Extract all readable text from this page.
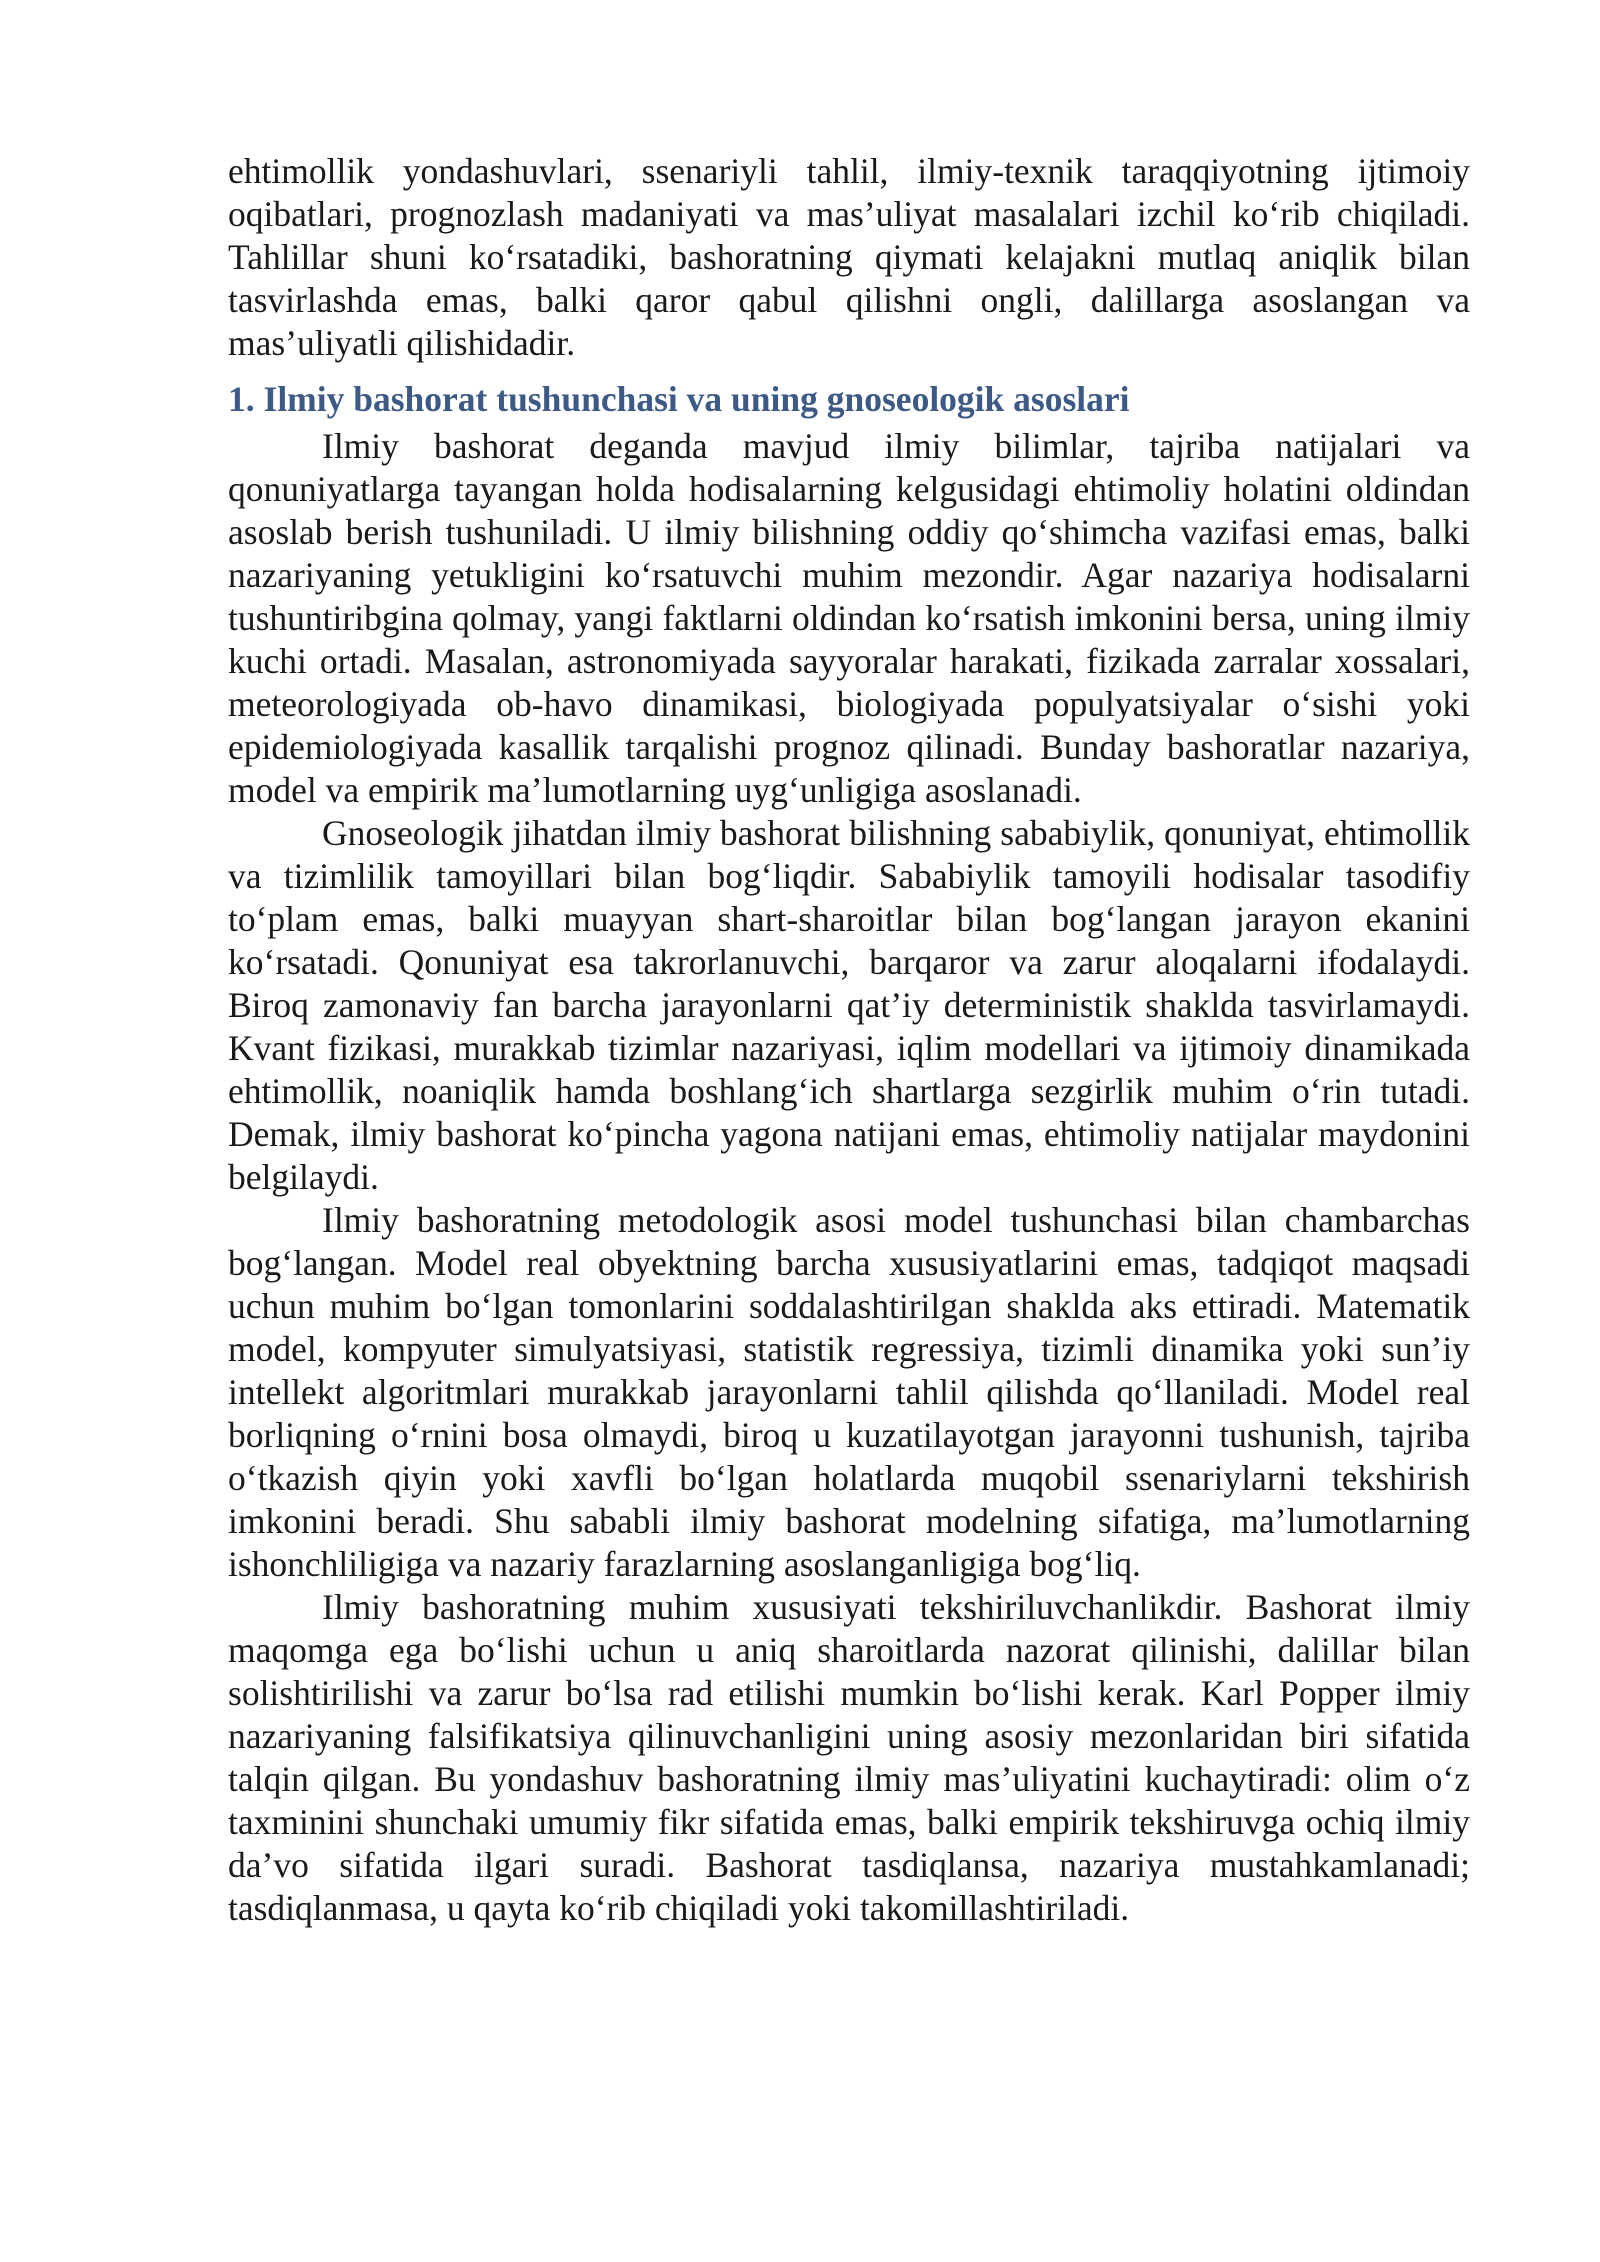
ehtimollik yondashuvlari, ssenariyli tahlil, ilmiy-texnik taraqqiyotning ijtimoiy oqibatlari, prognozlash madaniyati va mas’uliyat masalalari izchil ko‘rib chiqiladi. Tahlillar shuni ko‘rsatadiki, bashoratning qiymati kelajakni mutlaq aniqlik bilan tasvirlashda emas, balki qaror qabul qilishni ongli, dalillarga asoslangan va mas’uliyatli qilishidadir.

1. Ilmiy bashorat tushunchasi va uning gnoseologik asoslari

Ilmiy bashorat deganda mavjud ilmiy bilimlar, tajriba natijalari va qonuniyatlarga tayangan holda hodisalarning kelgusidagi ehtimoliy holatini oldindan asoslab berish tushuniladi. U ilmiy bilishning oddiy qo‘shimcha vazifasi emas, balki nazariyaning yetukligini ko‘rsatuvchi muhim mezondir. Agar nazariya hodisalarni tushuntiribgina qolmay, yangi faktlarni oldindan ko‘rsatish imkonini bersa, uning ilmiy kuchi ortadi. Masalan, astronomiyada sayyoralar harakati, fizikada zarralar xossalari, meteorologiyada ob-havo dinamikasi, biologiyada populyatsiyalar o‘sishi yoki epidemiologiyada kasallik tarqalishi prognoz qilinadi. Bunday bashoratlar nazariya, model va empirik ma’lumotlarning uyg‘unligiga asoslanadi.

Gnoseologik jihatdan ilmiy bashorat bilishning sababiylik, qonuniyat, ehtimollik va tizimlilik tamoyillari bilan bog‘liqdir. Sababiylik tamoyili hodisalar tasodifiy to‘plam emas, balki muayyan shart-sharoitlar bilan bog‘langan jarayon ekanini ko‘rsatadi. Qonuniyat esa takrorlanuvchi, barqaror va zarur aloqalarni ifodalaydi. Biroq zamonaviy fan barcha jarayonlarni qat’iy deterministik shaklda tasvirlamaydi. Kvant fizikasi, murakkab tizimlar nazariyasi, iqlim modellari va ijtimoiy dinamikada ehtimollik, noaniqlik hamda boshlang‘ich shartlarga sezgirlik muhim o‘rin tutadi. Demak, ilmiy bashorat ko‘pincha yagona natijani emas, ehtimoliy natijalar maydonini belgilaydi.

Ilmiy bashoratning metodologik asosi model tushunchasi bilan chambarchas bog‘langan. Model real obyektning barcha xususiyatlarini emas, tadqiqot maqsadi uchun muhim bo‘lgan tomonlarini soddalashtirilgan shaklda aks ettiradi. Matematik model, kompyuter simulyatsiyasi, statistik regressiya, tizimli dinamika yoki sun’iy intellekt algoritmlari murakkab jarayonlarni tahlil qilishda qo‘llaniladi. Model real borliqning o‘rnini bosa olmaydi, biroq u kuzatilayotgan jarayonni tushunish, tajriba o‘tkazish qiyin yoki xavfli bo‘lgan holatlarda muqobil ssenariylarni tekshirish imkonini beradi. Shu sababli ilmiy bashorat modelning sifatiga, ma’lumotlarning ishonchliligiga va nazariy farazlarning asoslanganligiga bog‘liq.

Ilmiy bashoratning muhim xususiyati tekshiriluvchanlikdir. Bashorat ilmiy maqomga ega bo‘lishi uchun u aniq sharoitlarda nazorat qilinishi, dalillar bilan solishtirilishi va zarur bo‘lsa rad etilishi mumkin bo‘lishi kerak. Karl Popper ilmiy nazariyaning falsifikatsiya qilinuvchanligini uning asosiy mezonlaridan biri sifatida talqin qilgan. Bu yondashuv bashoratning ilmiy mas’uliyatini kuchaytiradi: olim o‘z taxminini shunchaki umumiy fikr sifatida emas, balki empirik tekshiruvga ochiq ilmiy da’vo sifatida ilgari suradi. Bashorat tasdiqlansa, nazariya mustahkamlanadi; tasdiqlanmasa, u qayta ko‘rib chiqiladi yoki takomillashtiriladi.
